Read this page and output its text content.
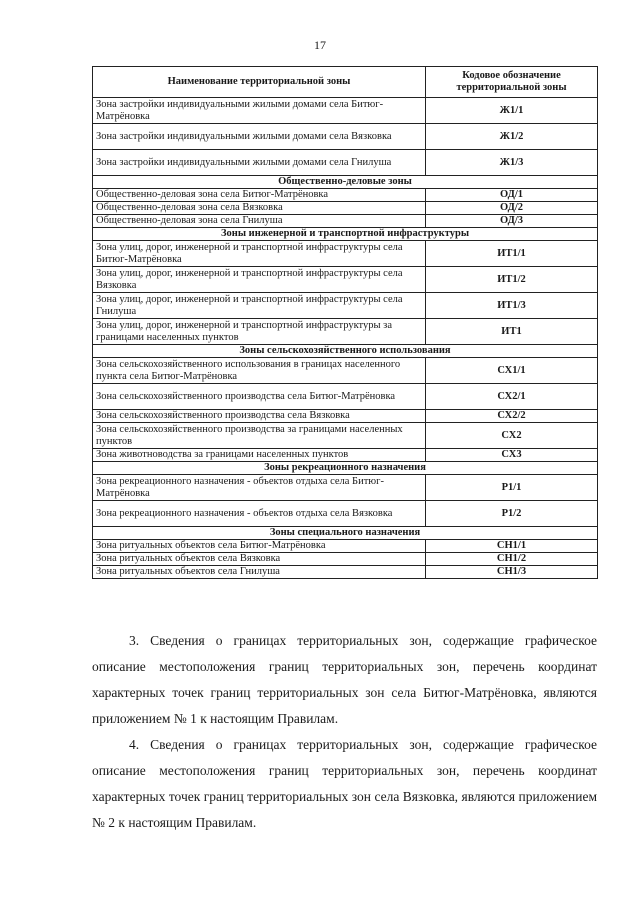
17
Наименование территориальной зоны	Кодовое обозначение территориальной зоны
Зона застройки индивидуальными жилыми домами села Битюг-Матрёновка	Ж1/1
Зона застройки индивидуальными жилыми домами села Вязковка	Ж1/2
Зона застройки индивидуальными жилыми домами села Гнилуша	Ж1/3
Общественно-деловые зоны	
Общественно-деловая зона села Битюг-Матрёновка	ОД/1
Общественно-деловая зона села Вязковка	ОД/2
Общественно-деловая зона села Гнилуша	ОД/3
Зоны инженерной и транспортной инфраструктуры	
Зона улиц, дорог, инженерной и транспортной инфраструктуры села Битюг-Матрёновка	ИТ1/1
Зона улиц, дорог, инженерной и транспортной инфраструктуры села Вязковка	ИТ1/2
Зона улиц, дорог, инженерной и транспортной инфраструктуры села Гнилуша	ИТ1/3
Зона улиц, дорог, инженерной и транспортной инфраструктуры за границами населенных пунктов	ИТ1
Зоны сельскохозяйственного использования	
Зона сельскохозяйственного использования в границах населенного пункта села Битюг-Матрёновка	СХ1/1
Зона сельскохозяйственного производства села Битюг-Матрёновка	СХ2/1
Зона сельскохозяйственного производства села Вязковка	СХ2/2
Зона сельскохозяйственного производства за границами населенных пунктов	СХ2
Зона животноводства за границами населенных пунктов	СХ3
Зоны рекреационного назначения	
Зона рекреационного назначения - объектов отдыха села Битюг-Матрёновка	Р1/1
Зона рекреационного назначения - объектов отдыха села Вязковка	Р1/2
Зоны специального назначения	
Зона ритуальных объектов села Битюг-Матрёновка	СН1/1
Зона ритуальных объектов села Вязковка	СН1/2
Зона ритуальных объектов села Гнилуша	СН1/3

3. Сведения о границах территориальных зон, содержащие графическое описание местоположения границ территориальных зон, перечень координат характерных точек границ территориальных зон села Битюг-Матрёновка, являются приложением № 1 к настоящим Правилам.

4. Сведения о границах территориальных зон, содержащие графическое описание местоположения границ территориальных зон, перечень координат характерных точек границ территориальных зон села Вязковка, являются приложением № 2 к настоящим Правилам.
